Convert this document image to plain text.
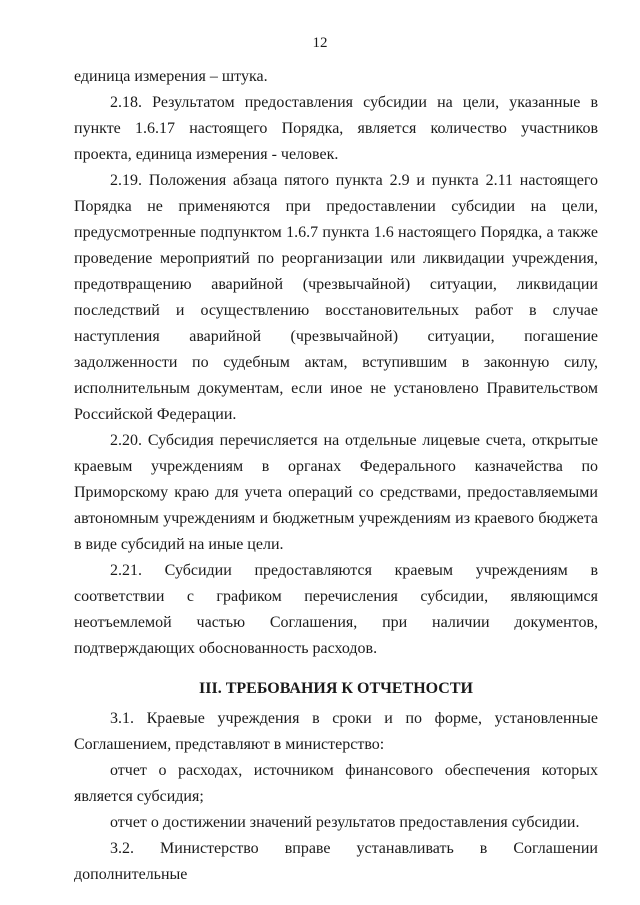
12

единица измерения – штука.

2.18. Результатом предоставления субсидии на цели, указанные в пункте 1.6.17 настоящего Порядка, является количество участников проекта, единица измерения - человек.

2.19. Положения абзаца пятого пункта 2.9 и пункта 2.11 настоящего Порядка не применяются при предоставлении субсидии на цели, предусмотренные подпунктом 1.6.7 пункта 1.6 настоящего Порядка, а также проведение мероприятий по реорганизации или ликвидации учреждения, предотвращению аварийной (чрезвычайной) ситуации, ликвидации последствий и осуществлению восстановительных работ в случае наступления аварийной (чрезвычайной) ситуации, погашение задолженности по судебным актам, вступившим в законную силу, исполнительным документам, если иное не установлено Правительством Российской Федерации.

2.20. Субсидия перечисляется на отдельные лицевые счета, открытые краевым учреждениям в органах Федерального казначейства по Приморскому краю для учета операций со средствами, предоставляемыми автономным учреждениям и бюджетным учреждениям из краевого бюджета в виде субсидий на иные цели.

2.21. Субсидии предоставляются краевым учреждениям в соответствии с графиком перечисления субсидии, являющимся неотъемлемой частью Соглашения, при наличии документов, подтверждающих обоснованность расходов.

III. ТРЕБОВАНИЯ К ОТЧЕТНОСТИ

3.1. Краевые учреждения в сроки и по форме, установленные Соглашением, представляют в министерство:

отчет о расходах, источником финансового обеспечения которых является субсидия;

отчет о достижении значений результатов предоставления субсидии.

3.2. Министерство вправе устанавливать в Соглашении дополнительные
